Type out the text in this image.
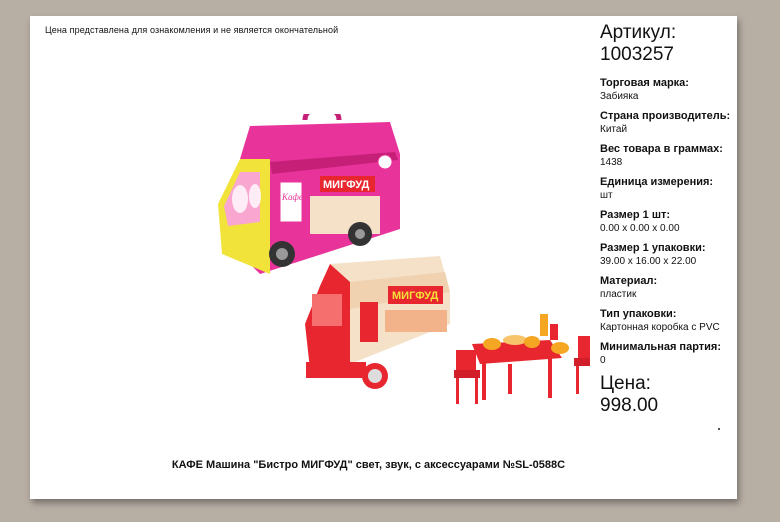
Цена представлена для ознакомления и не является окончательной
Кафе
МИГФУД
МИГФУД
Артикул:
1003257
Торговая марка:
Забияка
Страна производитель:
Китай
Вес товара в граммах:
1438
Единица измерения:
шт
Размер 1 шт:
0.00 x 0.00 x 0.00
Размер 1 упаковки:
39.00 x 16.00 x 22.00
Материал:
пластик
Тип упаковки:
Картонная коробка с PVC
Минимальная партия:
0
Цена:
998.00
КАФЕ Машина "Бистро МИГФУД" свет, звук, с аксессуарами №SL-0588C
